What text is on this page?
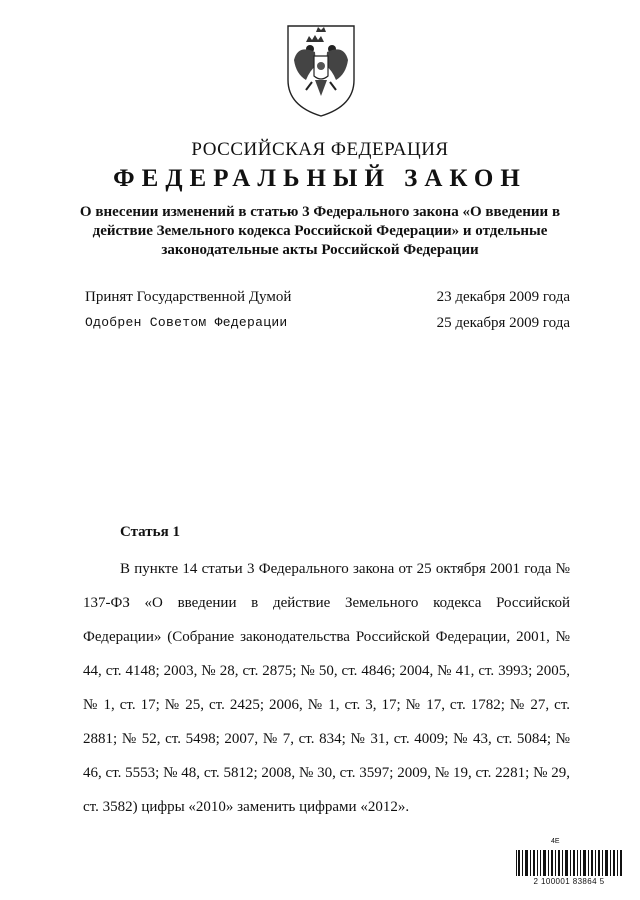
РОССИЙСКАЯ ФЕДЕРАЦИЯ
ФЕДЕРАЛЬНЫЙ ЗАКОН
О внесении изменений в статью 3 Федерального закона «О введении в действие Земельного кодекса Российской Федерации» и отдельные законодательные акты Российской Федерации
Принят Государственной Думой	23 декабря 2009 года
Одобрен Советом Федерации	25 декабря 2009 года
Статья 1

В пункте 14 статьи 3 Федерального закона от 25 октября 2001 года № 137-ФЗ «О введении в действие Земельного кодекса Российской Федерации» (Собрание законодательства Российской Федерации, 2001, № 44, ст. 4148; 2003, № 28, ст. 2875; № 50, ст. 4846; 2004, № 41, ст. 3993; 2005, № 1, ст. 17; № 25, ст. 2425; 2006, № 1, ст. 3, 17; № 17, ст. 1782; № 27, ст. 2881; № 52, ст. 5498; 2007, № 7, ст. 834; № 31, ст. 4009; № 43, ст. 5084; № 46, ст. 5553; № 48, ст. 5812; 2008, № 30, ст. 3597; 2009, № 19, ст. 2281; № 29, ст. 3582) цифры «2010» заменить цифрами «2012».

4E
2 100001 83864 5
